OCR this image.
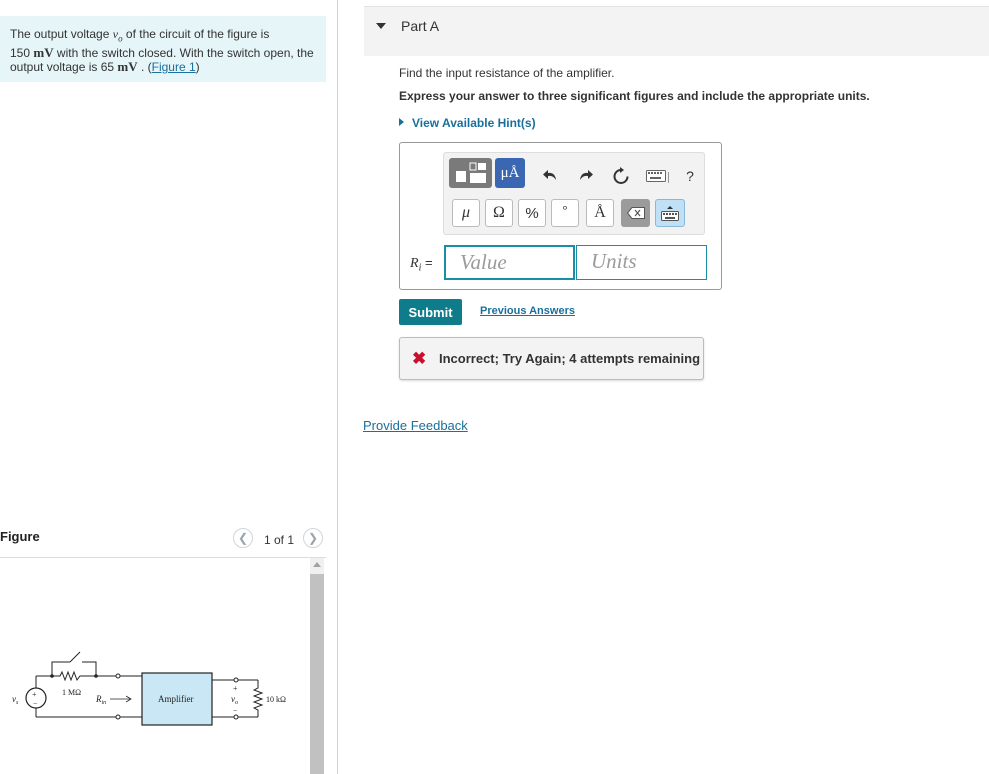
The output voltage $v_o$ of the circuit of the figure is
150 mV with the switch closed. With the switch open, the output voltage is 65 mV . (Figure 1)
Figure	❮ 1 of 1 ❯
$v_s$
+
−
1 MΩ
$R_{in}$	Amplifier
+
$v_o$
−
10 kΩ
Part A
Find the input resistance of the amplifier.
Express your answer to three significant figures and include the appropriate units.
View Available Hint(s)
μÅ	?
μ	Ω	%	°	Å
$R_i$ =	Value	Units
Submit	Previous Answers
✖ Incorrect; Try Again; 4 attempts remaining
Provide Feedback
